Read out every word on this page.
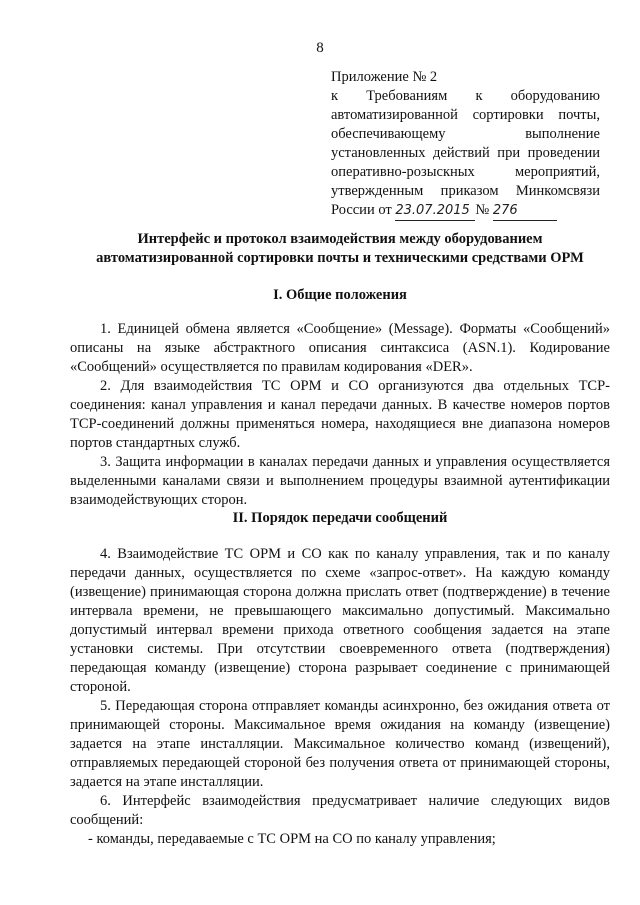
8
Приложение № 2
к Требованиям к оборудованию
автоматизированной сортировки почты,
обеспечивающему выполнение
установленных действий при проведении
оперативно-розыскных мероприятий,
утвержденным приказом Минкомсвязи
России от 23.07.2015 № 276
Интерфейс и протокол взаимодействия между оборудованием
автоматизированной сортировки почты и техническими средствами ОРМ
I. Общие положения

1. Единицей обмена является «Сообщение» (Message). Форматы «Сообщений» описаны на языке абстрактного описания синтаксиса (ASN.1). Кодирование «Сообщений» осуществляется по правилам кодирования «DER».

2. Для взаимодействия ТС ОРМ и СО организуются два отдельных TCP-соединения: канал управления и канал передачи данных. В качестве номеров портов TCP-соединений должны применяться номера, находящиеся вне диапазона номеров портов стандартных служб.

3. Защита информации в каналах передачи данных и управления осуществляется выделенными каналами связи и выполнением процедуры взаимной аутентификации взаимодействующих сторон.

II. Порядок передачи сообщений

4. Взаимодействие ТС ОРМ и СО как по каналу управления, так и по каналу передачи данных, осуществляется по схеме «запрос-ответ». На каждую команду (извещение) принимающая сторона должна прислать ответ (подтверждение) в течение интервала времени, не превышающего максимально допустимый. Максимально допустимый интервал времени прихода ответного сообщения задается на этапе установки системы. При отсутствии своевременного ответа (подтверждения) передающая команду (извещение) сторона разрывает соединение с принимающей стороной.

5. Передающая сторона отправляет команды асинхронно, без ожидания ответа от принимающей стороны. Максимальное время ожидания на команду (извещение) задается на этапе инсталляции. Максимальное количество команд (извещений), отправляемых передающей стороной без получения ответа от принимающей стороны, задается на этапе инсталляции.

6. Интерфейс взаимодействия предусматривает наличие следующих видов сообщений:

- команды, передаваемые с ТС ОРМ на СО по каналу управления;
